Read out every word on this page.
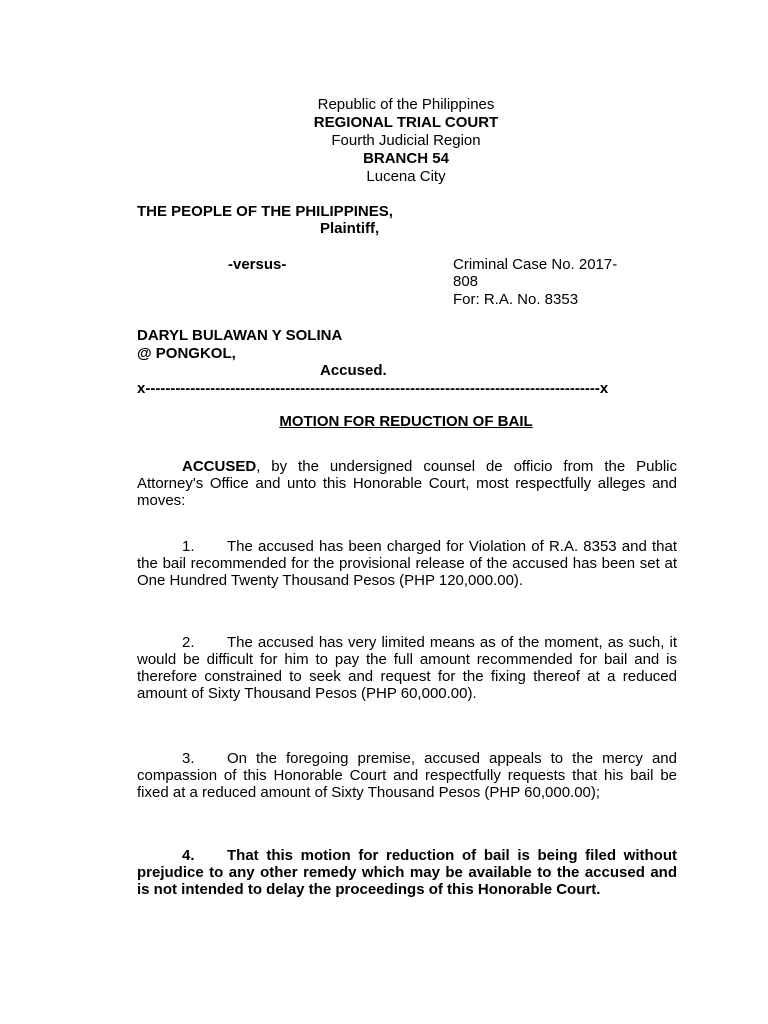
Republic of the Philippines
REGIONAL TRIAL COURT
Fourth Judicial Region
BRANCH 54
Lucena City
THE PEOPLE OF THE PHILIPPINES,
Plaintiff,
-versus-	Criminal Case No. 2017-
808
For: R.A. No. 8353
DARYL BULAWAN Y SOLINA
@ PONGKOL,
Accused.
x-------------------------------------------------------------------------------------------x
MOTION FOR REDUCTION OF BAIL
ACCUSED, by the undersigned counsel de officio from the Public Attorney's Office and unto this Honorable Court, most respectfully alleges and moves:
1. The accused has been charged for Violation of R.A. 8353 and that the bail recommended for the provisional release of the accused has been set at One Hundred Twenty Thousand Pesos (PHP 120,000.00).
2. The accused has very limited means as of the moment, as such, it would be difficult for him to pay the full amount recommended for bail and is therefore constrained to seek and request for the fixing thereof at a reduced amount of Sixty Thousand Pesos (PHP 60,000.00).
3. On the foregoing premise, accused appeals to the mercy and compassion of this Honorable Court and respectfully requests that his bail be fixed at a reduced amount of Sixty Thousand Pesos (PHP 60,000.00);
4. That this motion for reduction of bail is being filed without prejudice to any other remedy which may be available to the accused and is not intended to delay the proceedings of this Honorable Court.
